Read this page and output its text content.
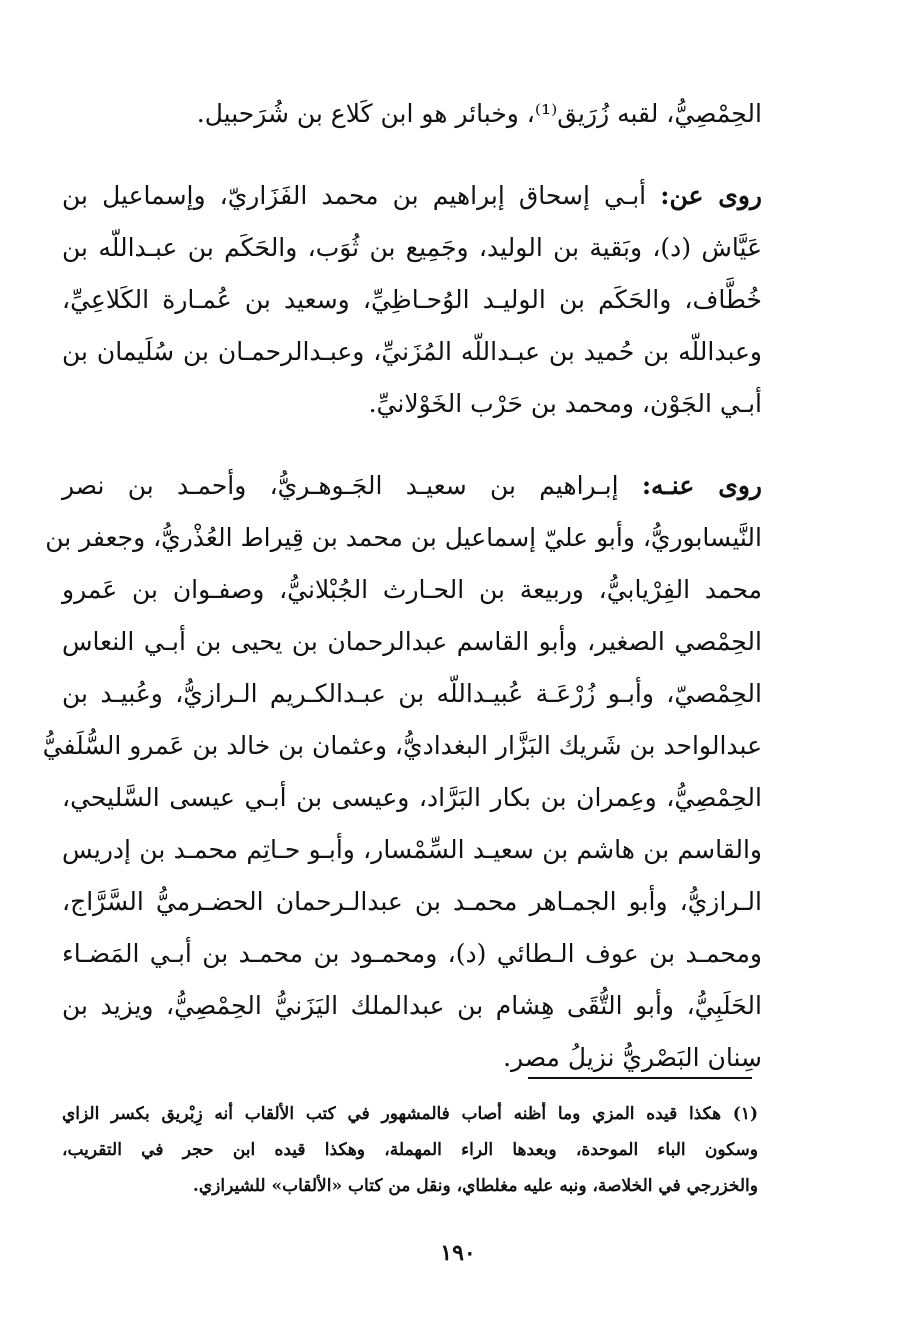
الحِمْصِيُّ، لقبه زُرَيق⁽¹⁾، وخبائر هو ابن كَلاع بن شُرَحبيل.
روى عن: أبـي إسحاق إبراهيم بن محمد الفَزَاريّ، وإسماعيل بن
عَيَّاش (د)، وبَقية بن الوليد، وجَمِيع بن ثُوَب، والحَكَم بن عبـداللّه بن
خُطَّاف، والحَكَم بن الوليـد الوُحـاظِيِّ، وسعيد بن عُمـارة الكَلاعِيِّ،
وعبداللّه بن حُميد بن عبـداللّه المُزَنيِّ، وعبـدالرحمـان بن سُلَيمان بن
أبـي الجَوْن، ومحمد بن حَرْب الخَوْلانيِّ.
روى عنـه: إبـراهيم بن سعيـد الجَـوهـريُّ، وأحمـد بن نصر
النَّيسابوريُّ، وأبو عليّ إسماعيل بن محمد بن قِيراط العُذْريُّ، وجعفر بن
محمد الفِرْيابيُّ، وربيعة بن الحـارث الجُبْلانيُّ، وصفـوان بن عَمرو
الحِمْصي الصغير، وأبو القاسم عبدالرحمان بن يحيى بن أبـي النعاس
الحِمْصيّ، وأبـو زُرْعَـة عُبيـداللّه بن عبـدالكـريم الـرازيُّ، وعُبيـد بن
عبدالواحد بن شَريك البَزَّار البغداديُّ، وعثمان بن خالد بن عَمرو السُّلَفيُّ
الحِمْصِيُّ، وعِمران بن بكار البَرَّاد، وعيسى بن أبـي عيسى السَّليحي،
والقاسم بن هاشم بن سعيـد السِّمْسار، وأبـو حـاتِم محمـد بن إدريس
الـرازيُّ، وأبو الجمـاهر محمـد بن عبدالـرحمان الحضـرميُّ السَّرَّاج،
ومحمـد بن عوف الـطائي (د)، ومحمـود بن محمـد بن أبـي المَضـاء
الحَلَبِيُّ، وأبو التُّقَى هِشام بن عبدالملك اليَزَنيُّ الحِمْصِيُّ، ويزيد بن
سِنان البَصْريُّ نزيلُ مصر.
(١) هكذا قيده المزي وما أظنه أصاب فالمشهور في كتب الألقاب أنه زِبْريق بكسر الزاي
وسكون الباء الموحدة، وبعدها الراء المهملة، وهكذا قيده ابن حجر في التقريب،
والخزرجي في الخلاصة، ونبه عليه مغلطاي، ونقل من كتاب «الألقاب» للشيرازي.
١٩٠
